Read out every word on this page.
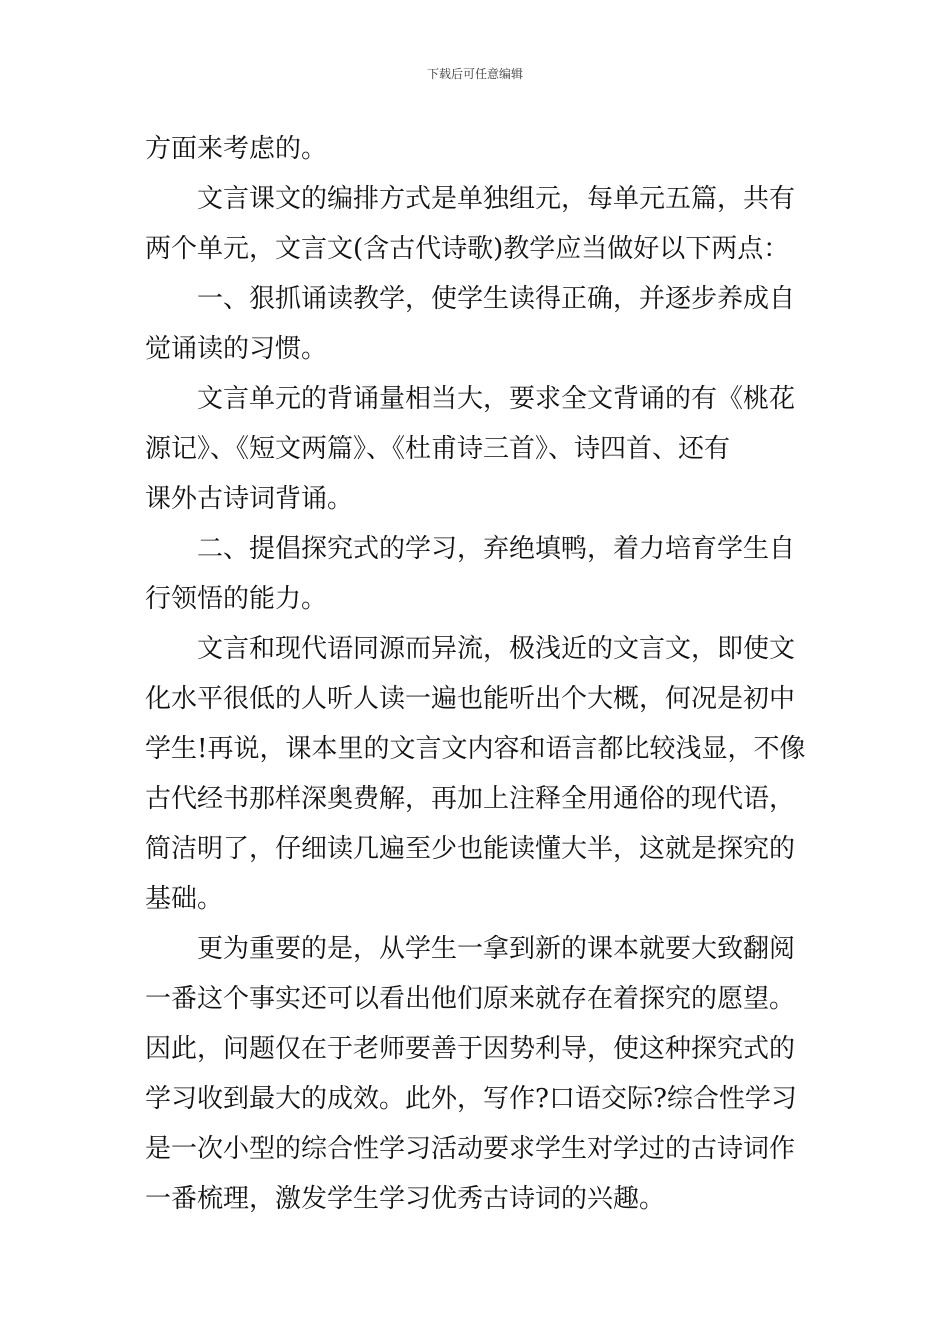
下载后可任意编辑
方面来考虑的。
文言课文的编排方式是单独组元，每单元五篇，共有
两个单元，文言文(含古代诗歌)教学应当做好以下两点：
一、狠抓诵读教学，使学生读得正确，并逐步养成自
觉诵读的习惯。
文言单元的背诵量相当大，要求全文背诵的有《桃花
源记》、《短文两篇》、《杜甫诗三首》、诗四首、还有
课外古诗词背诵。
二、提倡探究式的学习，弃绝填鸭，着力培育学生自
行领悟的能力。
文言和现代语同源而异流，极浅近的文言文，即使文
化水平很低的人听人读一遍也能听出个大概，何况是初中
学生!再说，课本里的文言文内容和语言都比较浅显，不像
古代经书那样深奥费解，再加上注释全用通俗的现代语，
简洁明了，仔细读几遍至少也能读懂大半，这就是探究的
基础。
更为重要的是，从学生一拿到新的课本就要大致翻阅
一番这个事实还可以看出他们原来就存在着探究的愿望。
因此，问题仅在于老师要善于因势利导，使这种探究式的
学习收到最大的成效。此外，写作?口语交际?综合性学习
是一次小型的综合性学习活动要求学生对学过的古诗词作
一番梳理，激发学生学习优秀古诗词的兴趣。
